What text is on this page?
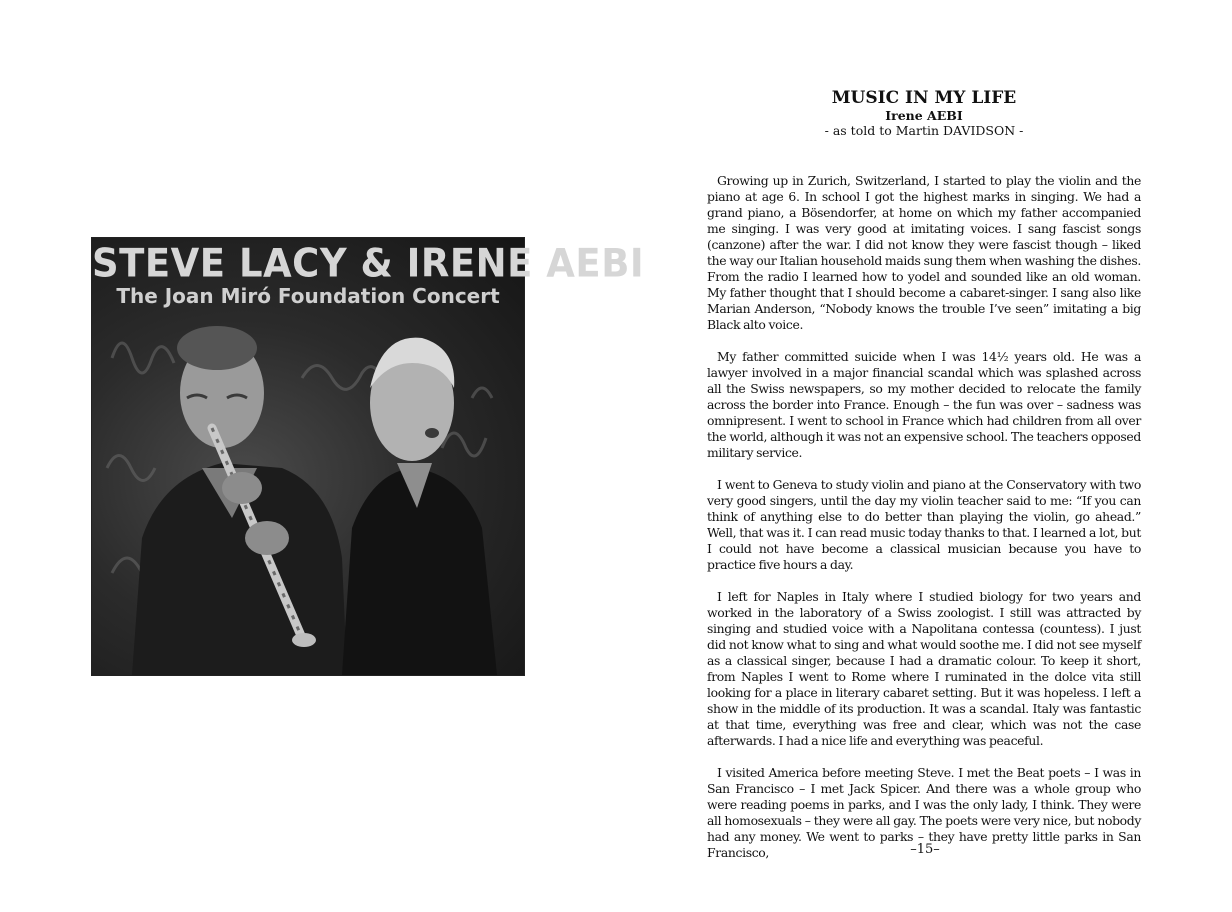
STEVE LACY & IRENE AEBI
The Joan Miró Foundation Concert
MUSIC IN MY LIFE
Irene AEBI
- as told to Martin DAVIDSON -

Growing up in Zurich, Switzerland, I started to play the violin and the piano at age 6. In school I got the highest marks in singing. We had a grand piano, a Bösendorfer, at home on which my father accompanied me singing. I was very good at imitating voices. I sang fascist songs (canzone) after the war. I did not know they were fascist though – liked the way our Italian household maids sung them when washing the dishes. From the radio I learned how to yodel and sounded like an old woman. My father thought that I should become a cabaret-singer. I sang also like Marian Anderson, “Nobody knows the trouble I’ve seen” imitating a big Black alto voice.

My father committed suicide when I was 14½ years old. He was a lawyer involved in a major financial scandal which was splashed across all the Swiss newspapers, so my mother decided to relocate the family across the border into France. Enough – the fun was over – sadness was omnipresent. I went to school in France which had children from all over the world, although it was not an expensive school. The teachers opposed military service.

I went to Geneva to study violin and piano at the Conservatory with two very good singers, until the day my violin teacher said to me: “If you can think of anything else to do better than playing the violin, go ahead.” Well, that was it. I can read music today thanks to that. I learned a lot, but I could not have become a classical musician because you have to practice five hours a day.

I left for Naples in Italy where I studied biology for two years and worked in the laboratory of a Swiss zoologist. I still was attracted by singing and studied voice with a Napolitana contessa (countess). I just did not know what to sing and what would soothe me. I did not see myself as a classical singer, because I had a dramatic colour. To keep it short, from Naples I went to Rome where I ruminated in the dolce vita still looking for a place in literary cabaret setting. But it was hopeless. I left a show in the middle of its production. It was a scandal. Italy was fantastic at that time, everything was free and clear, which was not the case afterwards. I had a nice life and everything was peaceful.

I visited America before meeting Steve. I met the Beat poets – I was in San Francisco – I met Jack Spicer. And there was a whole group who were reading poems in parks, and I was the only lady, I think. They were all homosexuals – they were all gay. The poets were very nice, but nobody had any money. We went to parks – they have pretty little parks in San Francisco,	–15–
